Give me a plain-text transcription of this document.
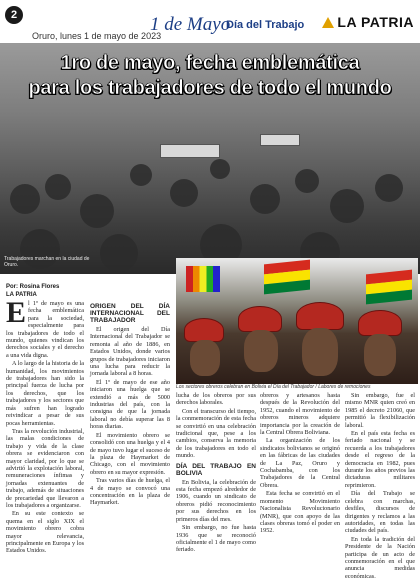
2
Oruro, lunes 1 de mayo de 2023
1 de Mayo
Día del Trabajo	LA PATRIA
1ro de mayo, fecha emblemática
para los trabajadores de todo el mundo
Trabajadores marchan en la ciudad de Oruro.
Por: Rosina Flores
LA PATRIA

El 1º de mayo es una fecha emblemática para la sociedad, especialmente para los trabajadores de todo el mundo, quienes vindican los derechos sociales y el derecho a una vida digna.

A lo largo de la historia de la humanidad, los movimientos de trabajadores han sido la principal fuerza de lucha por los derechos, que los trabajadores y los sectores que más sufren han logrado reivindicar a pesar de sus pocas herramientas.

Tras la revolución industrial, las malas condiciones de trabajo y vida de la clase obrera se evidenciaron con mayor claridad, por lo que se advirtió la explotación laboral, remuneraciones ínfimas y jornadas extenuantes de trabajo, además de situaciones de precariedad que llevaron a los trabajadores a organizarse.

En su este contexto se quema en el siglo XIX el movimiento obrero cobra mayor relevancia, principalmente en Europa y los Estados Unidos.

ORIGEN DEL DÍA INTERNACIONAL DEL TRABAJADOR

El origen del Día Internacional del Trabajador se remonta al año de 1886, en Estados Unidos, donde varios grupos de trabajadores iniciaron una lucha para reducir la jornada laboral a 8 horas.

El 1º de mayo de ese año iniciaron una huelga que se extendió a más de 5000 industrias del país, con la consigna de que la jornada laboral no debía superar las 8 horas diarias.

El movimiento obrero se consolidó con una huelga y el 4 de mayo tuvo lugar el suceso de la plaza de Haymarket de Chicago, con el movimiento obrero en su mayor expresión.

Tras varios días de huelga, el 4 de mayo se convocó una concentración en la plaza de Haymarket.

Los sectores obreros celebran en Bolivia el Día del Trabajador / Labores de remociones

lucha de los obreros por sus derechos laborales.

Con el transcurso del tiempo, la conmemoración de esta fecha se convirtió en una celebración tradicional que, pese a los cambios, conserva la memoria de los trabajadores en todo el mundo.

DÍA DEL TRABAJO EN BOLIVIA

En Bolivia, la celebración de esta fecha empezó alrededor de 1906, cuando un sindicato de obreros pidió reconocimiento por sus derechos en los primeros días del mes.

Sin embargo, no fue hasta 1936 que se reconoció oficialmente el 1 de mayo como feriado.

obreros y artesanos hasta después de la Revolución del 1952, cuando el movimiento de obreros mineros adquiere importancia por la creación de la Central Obrera Boliviana.

La organización de los sindicatos bolivianos se originó en las fábricas de las ciudades de La Paz, Oruro y Cochabamba, con los Trabajadores de la Central Obrera.

Esta fecha se convirtió en el momento Movimiento Nacionalista Revolucionario (MNR), que con apoyo de las clases obreras tomó el poder en 1952.

Sin embargo, fue el mismo MNR quien creó en 1985 el decreto 21060, que permitió la flexibilización laboral.

En el país esta fecha es feriado nacional y se recuerda a los trabajadores desde el regreso de la democracia en 1982, pues durante los años previos las dictaduras militares reprimieron.

Día del Trabajo se celebra con marchas, desfiles, discursos de dirigentes y reclamos a las autoridades, en todas las ciudades del país.

En toda la tradición del Presidente de la Nación participa de un acto de conmemoración en el que anuncia medidas económicas.
